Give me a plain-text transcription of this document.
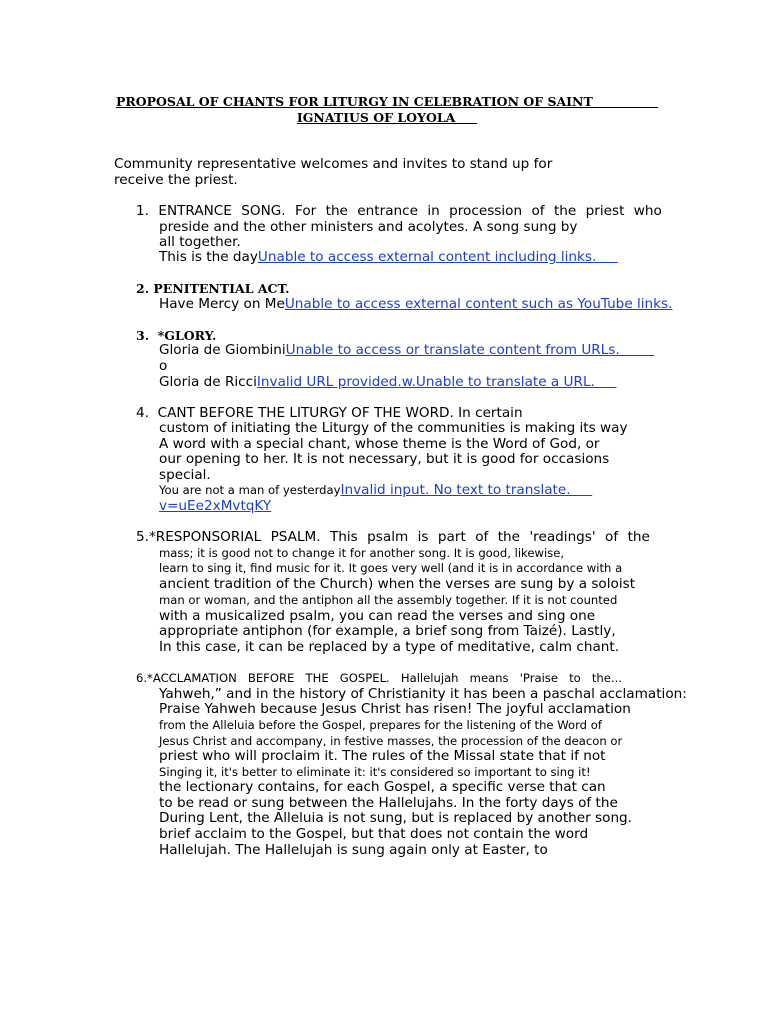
PROPOSAL OF CHANTS FOR LITURGY IN CELEBRATION OF SAINT
IGNATIUS OF LOYOLA
Community representative welcomes and invites to stand up for
receive the priest.
1. ENTRANCE SONG. For the entrance in procession of the priest who
preside and the other ministers and acolytes. A song sung by
all together.
This is the dayUnable to access external content including links.
2. PENITENTIAL ACT.
Have Mercy on MeUnable to access external content such as YouTube links.
3.  *GLORY.
Gloria de GiombiniUnable to access or translate content from URLs.
o
Gloria de RicciInvalid URL provided.w.Unable to translate a URL.
4.  CANT BEFORE THE LITURGY OF THE WORD. In certain
custom of initiating the Liturgy of the communities is making its way
A word with a special chant, whose theme is the Word of God, or
our opening to her. It is not necessary, but it is good for occasions
special.
You are not a man of yesterdayInvalid input. No text to translate.
v=uEe2xMvtqKY
5.*RESPONSORIAL PSALM. This psalm is part of the 'readings' of the
mass; it is good not to change it for another song. It is good, likewise,
learn to sing it, find music for it. It goes very well (and it is in accordance with a
ancient tradition of the Church) when the verses are sung by a soloist
man or woman, and the antiphon all the assembly together. If it is not counted
with a musicalized psalm, you can read the verses and sing one
appropriate antiphon (for example, a brief song from Taizé). Lastly,
In this case, it can be replaced by a type of meditative, calm chant.
6.*ACCLAMATION BEFORE THE GOSPEL. Hallelujah means 'Praise to the...
Yahweh,” and in the history of Christianity it has been a paschal acclamation:
Praise Yahweh because Jesus Christ has risen! The joyful acclamation
from the Alleluia before the Gospel, prepares for the listening of the Word of
Jesus Christ and accompany, in festive masses, the procession of the deacon or
priest who will proclaim it. The rules of the Missal state that if not
Singing it, it's better to eliminate it: it's considered so important to sing it!
the lectionary contains, for each Gospel, a specific verse that can
to be read or sung between the Hallelujahs. In the forty days of the
During Lent, the Alleluia is not sung, but is replaced by another song.
brief acclaim to the Gospel, but that does not contain the word
Hallelujah. The Hallelujah is sung again only at Easter, to
